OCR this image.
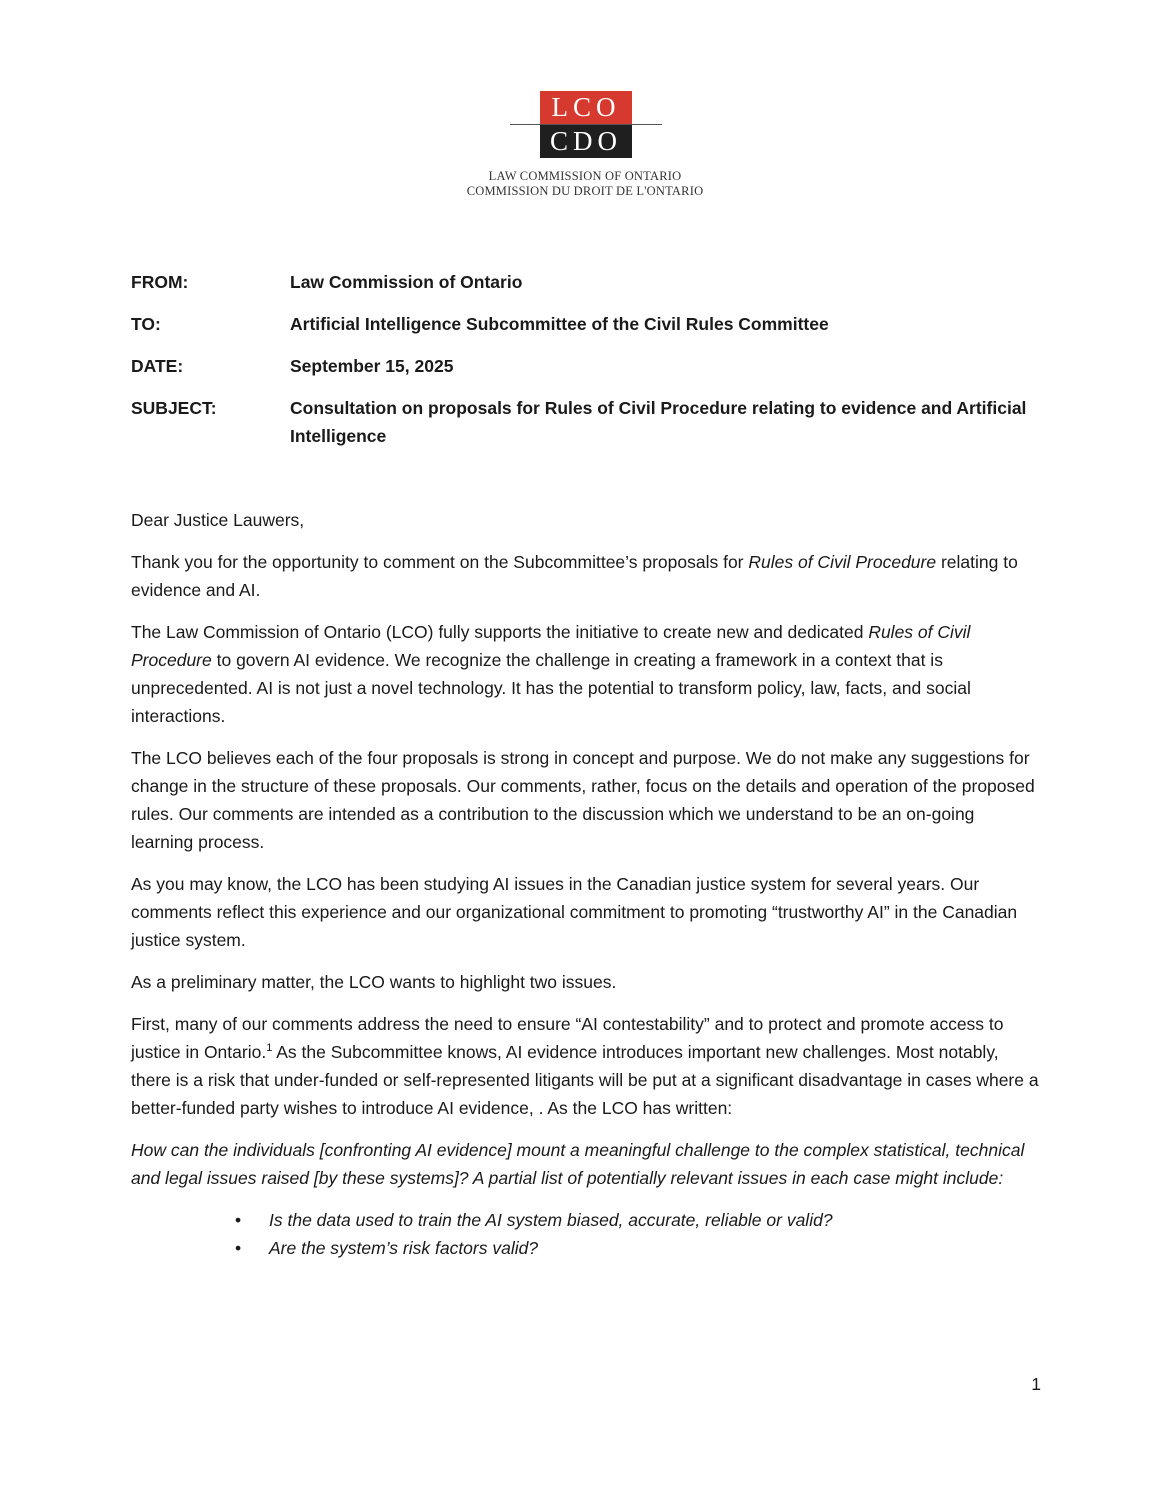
LCO
CDO
LAW COMMISSION OF ONTARIO
COMMISSION DU DROIT DE L'ONTARIO
FROM:	Law Commission of Ontario
TO:	Artificial Intelligence Subcommittee of the Civil Rules Committee
DATE:	September 15, 2025
SUBJECT:	Consultation on proposals for Rules of Civil Procedure relating to evidence and Artificial Intelligence

Dear Justice Lauwers,

Thank you for the opportunity to comment on the Subcommittee’s proposals for Rules of Civil Procedure relating to evidence and AI.

The Law Commission of Ontario (LCO) fully supports the initiative to create new and dedicated Rules of Civil Procedure to govern AI evidence. We recognize the challenge in creating a framework in a context that is unprecedented. AI is not just a novel technology. It has the potential to transform policy, law, facts, and social interactions.

The LCO believes each of the four proposals is strong in concept and purpose. We do not make any suggestions for change in the structure of these proposals. Our comments, rather, focus on the details and operation of the proposed rules. Our comments are intended as a contribution to the discussion which we understand to be an on-going learning process.

As you may know, the LCO has been studying AI issues in the Canadian justice system for several years. Our comments reflect this experience and our organizational commitment to promoting “trustworthy AI” in the Canadian justice system.

As a preliminary matter, the LCO wants to highlight two issues.

First, many of our comments address the need to ensure “AI contestability” and to protect and promote access to justice in Ontario.$^1$ As the Subcommittee knows, AI evidence introduces important new challenges. Most notably, there is a risk that under-funded or self-represented litigants will be put at a significant disadvantage in cases where a better-funded party wishes to introduce AI evidence, . As the LCO has written:

How can the individuals [confronting AI evidence] mount a meaningful challenge to the complex statistical, technical and legal issues raised [by these systems]? A partial list of potentially relevant issues in each case might include:

• Is the data used to train the AI system biased, accurate, reliable or valid?
• Are the system’s risk factors valid?
1
